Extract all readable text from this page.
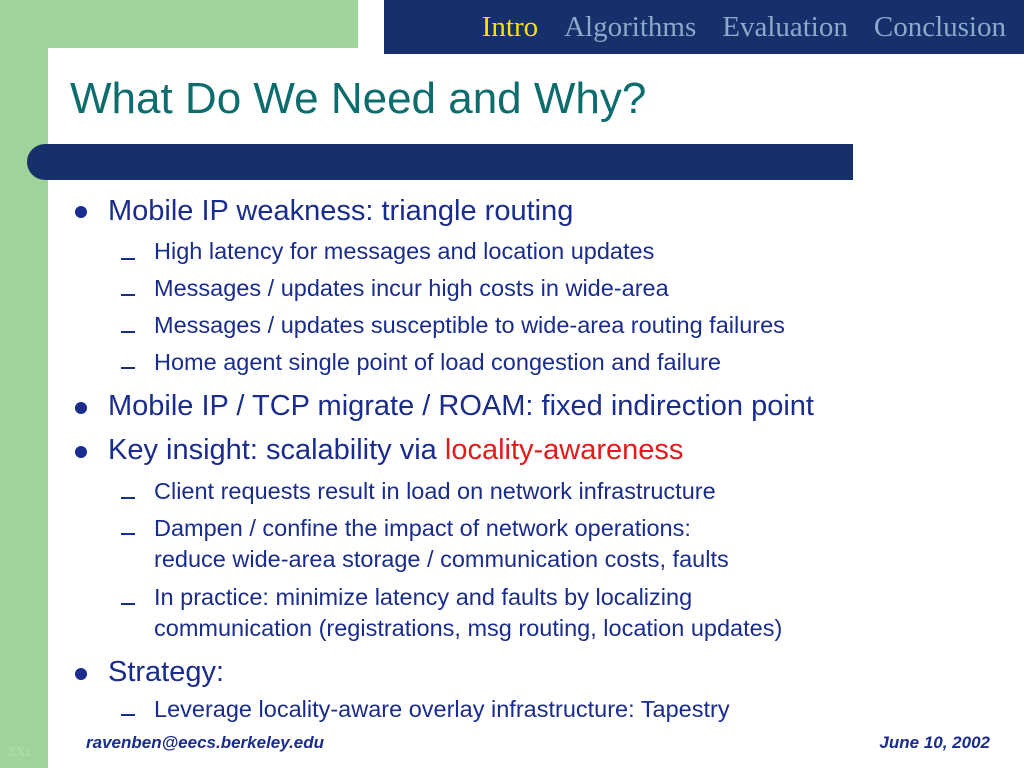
Intro Algorithms Evaluation Conclusion
What Do We Need and Why?
Mobile IP weakness: triangle routing
High latency for messages and location updates
Messages / updates incur high costs in wide-area
Messages / updates susceptible to wide-area routing failures
Home agent single point of load congestion and failure
Mobile IP / TCP migrate / ROAM: fixed indirection point
Key insight: scalability via locality-awareness
Client requests result in load on network infrastructure
Dampen / confine the impact of network operations:
reduce wide-area storage / communication costs, faults
In practice: minimize latency and faults by localizing
communication (registrations, msg routing, location updates)
Strategy:
Leverage locality-aware overlay infrastructure: Tapestry
ZXL	ravenben@eecs.berkeley.edu	June 10, 2002
